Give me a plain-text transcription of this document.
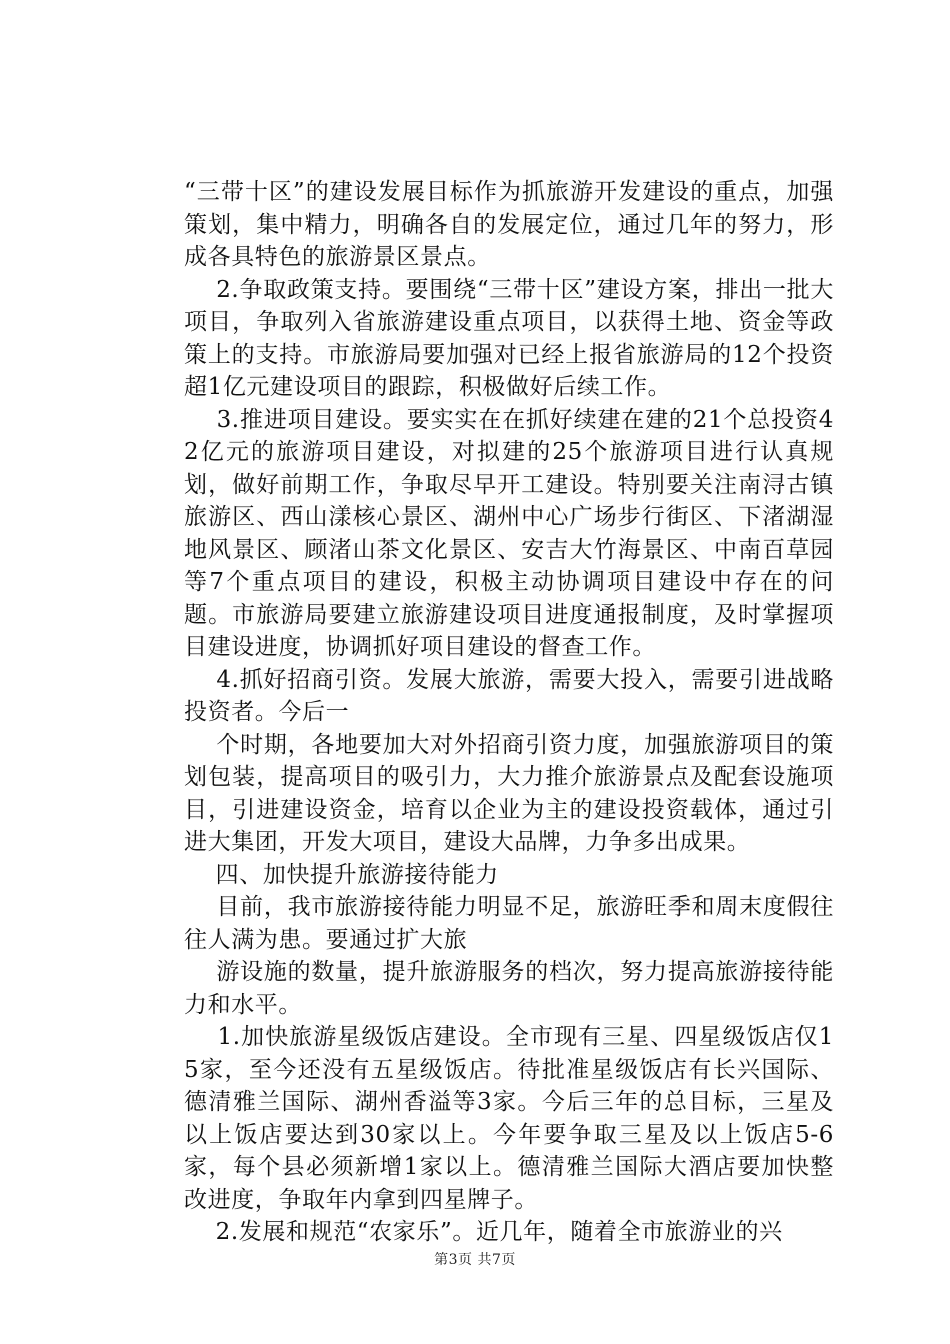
“三带十区”的建设发展目标作为抓旅游开发建设的重点，加强策划，集中精力，明确各自的发展定位，通过几年的努力，形成各具特色的旅游景区景点。

2.争取政策支持。要围绕“三带十区”建设方案，排出一批大项目，争取列入省旅游建设重点项目，以获得土地、资金等政策上的支持。市旅游局要加强对已经上报省旅游局的12个投资超1亿元建设项目的跟踪，积极做好后续工作。

3.推进项目建设。要实实在在抓好续建在建的21个总投资42亿元的旅游项目建设，对拟建的25个旅游项目进行认真规划，做好前期工作，争取尽早开工建设。特别要关注南浔古镇旅游区、西山漾核心景区、湖州中心广场步行街区、下渚湖湿地风景区、顾渚山茶文化景区、安吉大竹海景区、中南百草园等7个重点项目的建设，积极主动协调项目建设中存在的问题。市旅游局要建立旅游建设项目进度通报制度，及时掌握项目建设进度，协调抓好项目建设的督查工作。

4.抓好招商引资。发展大旅游，需要大投入，需要引进战略投资者。今后一

个时期，各地要加大对外招商引资力度，加强旅游项目的策划包装，提高项目的吸引力，大力推介旅游景点及配套设施项目，引进建设资金，培育以企业为主的建设投资载体，通过引进大集团，开发大项目，建设大品牌，力争多出成果。

四、加快提升旅游接待能力

目前，我市旅游接待能力明显不足，旅游旺季和周末度假往往人满为患。要通过扩大旅

游设施的数量，提升旅游服务的档次，努力提高旅游接待能力和水平。

1.加快旅游星级饭店建设。全市现有三星、四星级饭店仅15家，至今还没有五星级饭店。待批准星级饭店有长兴国际、德清雅兰国际、湖州香溢等3家。今后三年的总目标，三星及以上饭店要达到30家以上。今年要争取三星及以上饭店5-6家，每个县必须新增1家以上。德清雅兰国际大酒店要加快整改进度，争取年内拿到四星牌子。

2.发展和规范“农家乐”。近几年，随着全市旅游业的兴

第3页 共7页
